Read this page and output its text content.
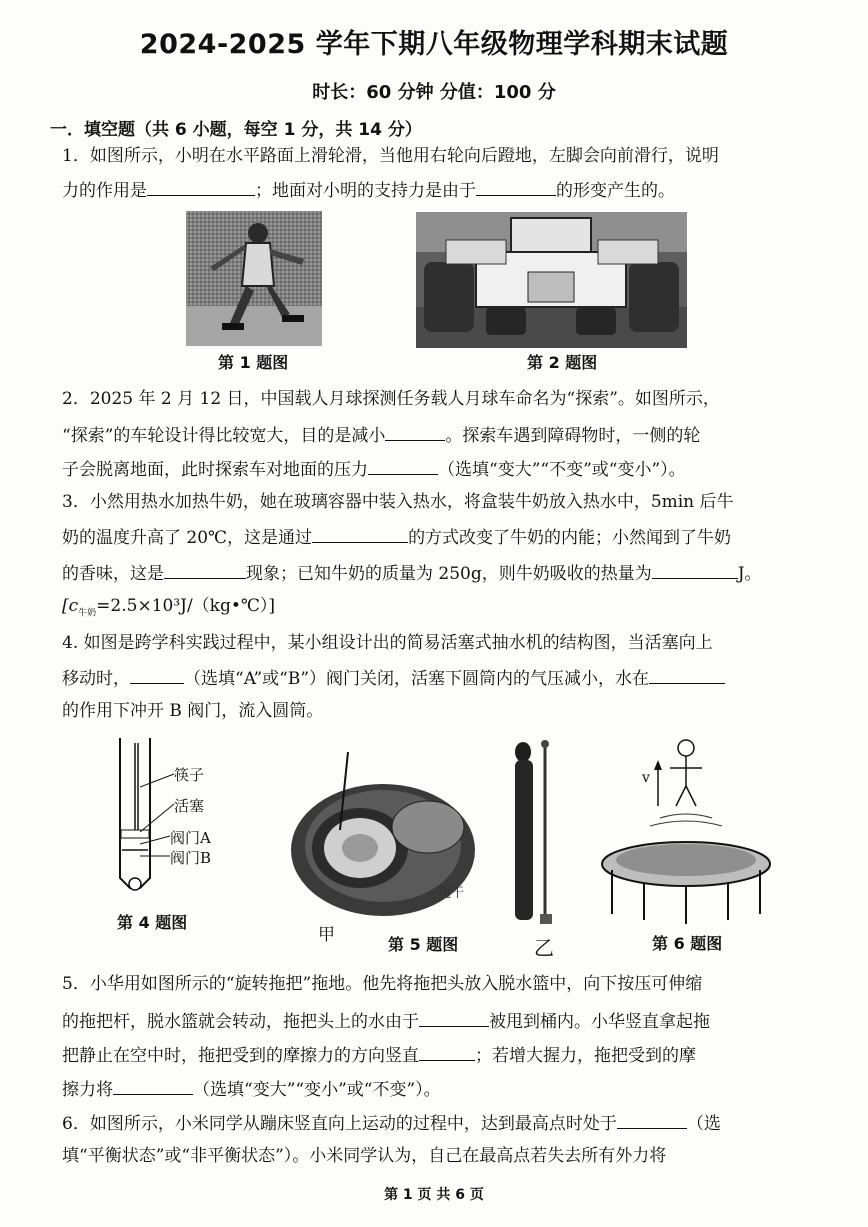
2024-2025 学年下期八年级物理学科期末试题
时长：60 分钟 分值：100 分
一．填空题（共 6 小题，每空 1 分，共 14 分）
1．如图所示，小明在水平路面上滑轮滑，当他用右轮向后蹬地，左脚会向前滑行，说明
力的作用是	；地面对小明的支持力是由于	的形变产生的。
第 1 题图	第 2 题图
2．2025 年 2 月 12 日，中国载人月球探测任务载人月球车命名为“探索”。如图所示，
“探索”的车轮设计得比较宽大，目的是减小	。探索车遇到障碍物时，一侧的轮
子会脱离地面，此时探索车对地面的压力	（选填“变大”“不变”或“变小”）。
3．小然用热水加热牛奶，她在玻璃容器中装入热水，将盒装牛奶放入热水中，5min 后牛
奶的温度升高了 20℃，这是通过	的方式改变了牛奶的内能；小然闻到了牛奶
的香味，这是	现象；已知牛奶的质量为 250g，则牛奶吸收的热量为	J。
$[c_{牛奶}=2.5\times 10^3J/(kg•℃)]$
4. 如图是跨学科实践过程中，某小组设计出的简易活塞式抽水机的结构图，当活塞向上
移动时，	（选填“A”或“B”）阀门关闭，活塞下圆筒内的气压减小，水在
的作用下冲开 B 阀门，流入圆筒。
筷子
活塞
阀门A
阀门B
第 4 题图
甩干
甲	第 5 题图	乙
v
第 6 题图
5．小华用如图所示的“旋转拖把”拖地。他先将拖把头放入脱水篮中，向下按压可伸缩
的拖把杆，脱水篮就会转动，拖把头上的水由于	被甩到桶内。小华竖直拿起拖
把静止在空中时，拖把受到的摩擦力的方向竖直	；若增大握力，拖把受到的摩
擦力将	（选填“变大”“变小”或“不变”）。
6．如图所示，小米同学从蹦床竖直向上运动的过程中，达到最高点时处于	（选
填“平衡状态”或“非平衡状态”）。小米同学认为，自己在最高点若失去所有外力将
第 1 页 共 6 页
